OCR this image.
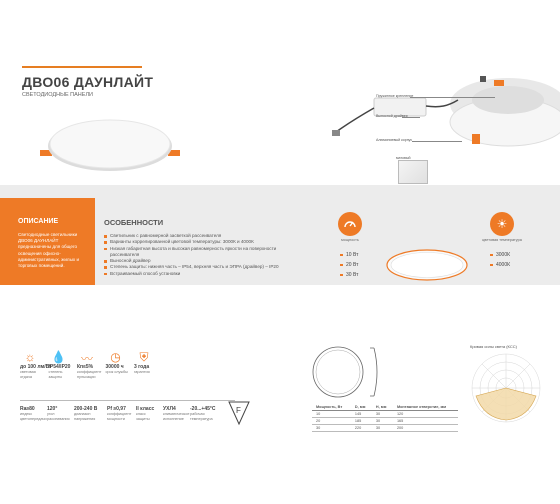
ДВО06 ДАУНЛАЙТ
СВЕТОДИОДНЫЕ ПАНЕЛИ	Пружинное крепление
Выносной драйвер
Алюминиевый корпус
матовый
ОПИСАНИЕ
Светодиодные светильники ДВО06 ДАУНЛАЙТ предназначены для общего освещения офисно-административных, жилых и торговых помещений.
ОСОБЕННОСТИ
Светильник с равномерной засветкой рассеивателя
Варианты коррелированной цветовой температуры: 3000К и 4000К
Низкая габаритная высота и высокая равномерность яркости на поверхности рассеивателя
Выносной драйвер
Степень защиты: нижняя часть – IP54, верхняя часть и ЭПРА (драйвер) – IP20
Встраиваемый способ установки
мощность
10 Вт
20 Вт
30 Вт
☀
цветовая температура
3000К
4000К
☼
до 100 лм/Вт
световая отдача
💧
IP54/IP20
степень защиты
〰
Кп≤5%
коэффициент пульсации
◷
30000 ч
срок службы
⛨
3 года
гарантия
Ra≥80
индекс цветопередачи
120°
угол рассеивания
200-240 В
диапазон напряжения
Pf ≥0,97
коэффициент мощности
II класс
класс защиты
УХЛ4
климатическое исполнение
-20...+45°C
рабочая температура
F	Мощность, Вт	D, мм	H, мм	Монтажное отверстие, мм
10	145	30	120
20	185	30	165
30	220	30	200
Кривая силы света (КСС)
